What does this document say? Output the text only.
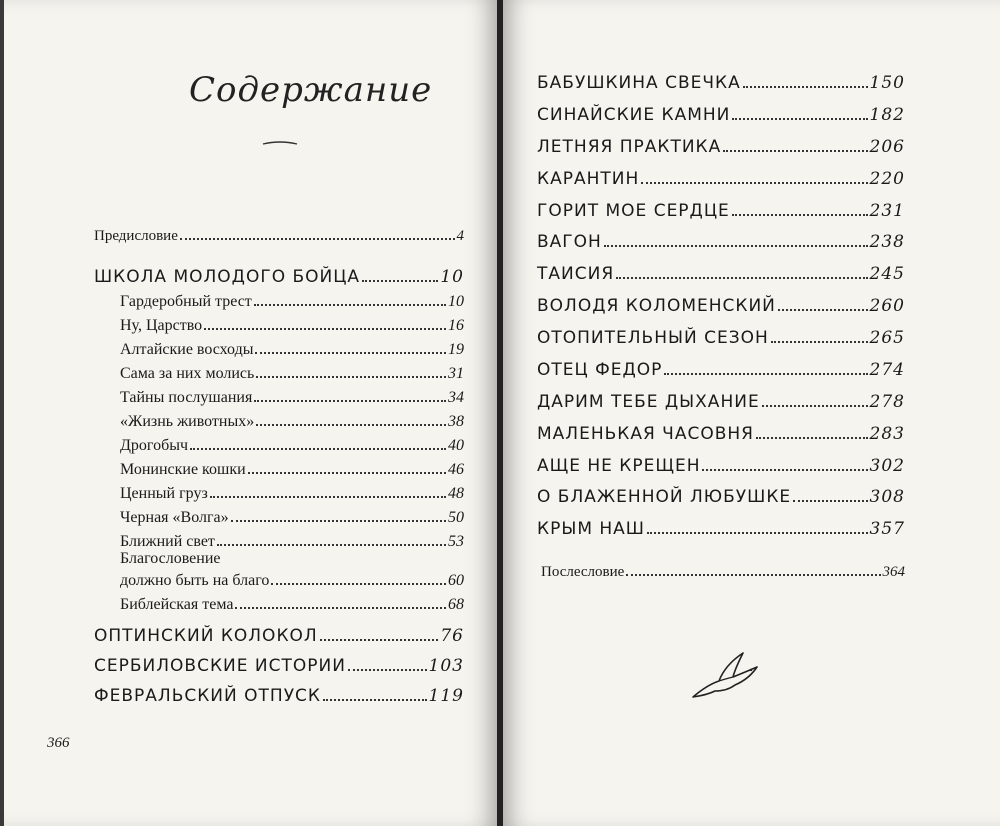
Содержание
Предисловие	4
ШКОЛА МОЛОДОГО БОЙЦА	10
Гардеробный трест	10
Ну, Царство	16
Алтайские восходы	19
Сама за них молись	31
Тайны послушания	34
«Жизнь животных»	38
Дрогобыч	40
Монинские кошки	46
Ценный груз	48
Черная «Волга»	50
Ближний свет	53
Благословение
должно быть на благо	60
Библейская тема	68
ОПТИНСКИЙ КОЛОКОЛ	76
СЕРБИЛОВСКИЕ ИСТОРИИ	103
ФЕВРАЛЬСКИЙ ОТПУСК	119
366
БАБУШКИНА СВЕЧКА	150
СИНАЙСКИЕ КАМНИ	182
ЛЕТНЯЯ ПРАКТИКА	206
КАРАНТИН	220
ГОРИТ МОЕ СЕРДЦЕ	231
ВАГОН	238
ТАИСИЯ	245
ВОЛОДЯ КОЛОМЕНСКИЙ	260
ОТОПИТЕЛЬНЫЙ СЕЗОН	265
ОТЕЦ ФЕДОР	274
ДАРИМ ТЕБЕ ДЫХАНИЕ	278
МАЛЕНЬКАЯ ЧАСОВНЯ	283
АЩЕ НЕ КРЕЩЕН	302
О БЛАЖЕННОЙ ЛЮБУШКЕ	308
КРЫМ НАШ	357
Послесловие	364
